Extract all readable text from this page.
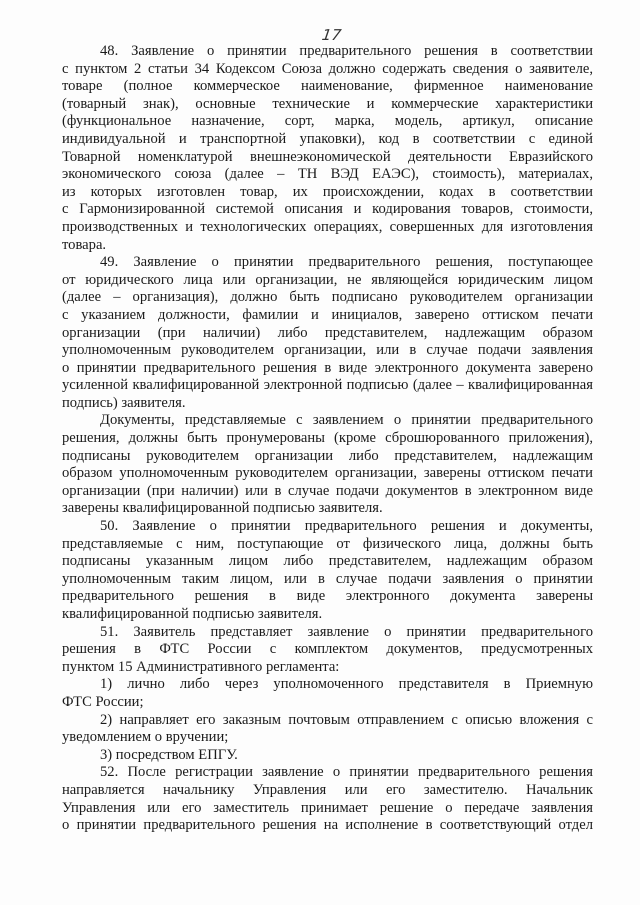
17
48. Заявление о принятии предварительного решения в соответствии
с пунктом 2 статьи 34 Кодексом Союза должно содержать сведения о заявителе,
товаре (полное коммерческое наименование, фирменное наименование
(товарный знак), основные технические и коммерческие характеристики
(функциональное назначение, сорт, марка, модель, артикул, описание
индивидуальной и транспортной упаковки), код в соответствии с единой
Товарной номенклатурой внешнеэкономической деятельности Евразийского
экономического союза (далее – ТН ВЭД ЕАЭС), стоимость), материалах,
из которых изготовлен товар, их происхождении, кодах в соответствии
с Гармонизированной системой описания и кодирования товаров, стоимости,
производственных и технологических операциях, совершенных для изготовления
товара.
49. Заявление о принятии предварительного решения, поступающее
от юридического лица или организации, не являющейся юридическим лицом
(далее – организация), должно быть подписано руководителем организации
с указанием должности, фамилии и инициалов, заверено оттиском печати
организации (при наличии) либо представителем, надлежащим образом
уполномоченным руководителем организации, или в случае подачи заявления
о принятии предварительного решения в виде электронного документа заверено
усиленной квалифицированной электронной подписью (далее – квалифицированная
подпись) заявителя.
Документы, представляемые с заявлением о принятии предварительного
решения, должны быть пронумерованы (кроме сброшюрованного приложения),
подписаны руководителем организации либо представителем, надлежащим
образом уполномоченным руководителем организации, заверены оттиском печати
организации (при наличии) или в случае подачи документов в электронном виде
заверены квалифицированной подписью заявителя.
50. Заявление о принятии предварительного решения и документы,
представляемые с ним, поступающие от физического лица, должны быть
подписаны указанным лицом либо представителем, надлежащим образом
уполномоченным таким лицом, или в случае подачи заявления о принятии
предварительного решения в виде электронного документа заверены
квалифицированной подписью заявителя.
51. Заявитель представляет заявление о принятии предварительного
решения в ФТС России с комплектом документов, предусмотренных
пунктом 15 Административного регламента:
1) лично либо через уполномоченного представителя в Приемную
ФТС России;
2) направляет его заказным почтовым отправлением с описью вложения с
уведомлением о вручении;
3) посредством ЕПГУ.
52. После регистрации заявление о принятии предварительного решения
направляется начальнику Управления или его заместителю. Начальник
Управления или его заместитель принимает решение о передаче заявления
о принятии предварительного решения на исполнение в соответствующий отдел
